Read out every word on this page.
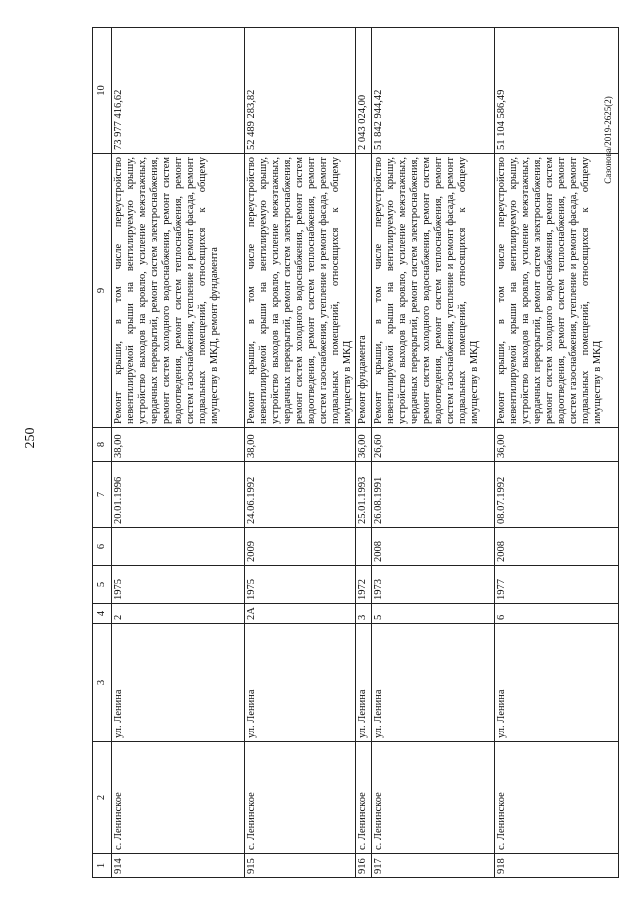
250
Сазонова/2019-2625(2)
1	2	3	4	5	6	7	8	9	10
914	с. Ленинское	ул. Ленина	2	1975		20.01.1996	38,00	Ремонт крыши, в том числе переустройство невентилируемой крыши на вентилируемую крышу, устройство выходов на кровлю, усиление межэтажных, чердачных перекрытий, ремонт систем электроснабжения, ремонт систем холодного водоснабжения, ремонт систем водоотведения, ремонт систем теплоснабжения, ремонт систем газоснабжения, утепление и ремонт фасада, ремонт подвальных помещений, относящихся к общему имуществу в МКД, ремонт фундамента	73 977 416,62
915	с. Ленинское	ул. Ленина	2А	1975	2009	24.06.1992	38,00	Ремонт крыши, в том числе переустройство невентилируемой крыши на вентилируемую крышу, устройство выходов на кровлю, усиление межэтажных, чердачных перекрытий, ремонт систем электроснабжения, ремонт систем холодного водоснабжения, ремонт систем водоотведения, ремонт систем теплоснабжения, ремонт систем газоснабжения, утепление и ремонт фасада, ремонт подвальных помещений, относящихся к общему имуществу в МКД	52 489 283,82
916	с. Ленинское	ул. Ленина	3	1972		25.01.1993	36,00	Ремонт фундамента	2 043 024,00
917	с. Ленинское	ул. Ленина	5	1973	2008	26.08.1991	26,60	Ремонт крыши, в том числе переустройство невентилируемой крыши на вентилируемую крышу, устройство выходов на кровлю, усиление межэтажных, чердачных перекрытий, ремонт систем электроснабжения, ремонт систем холодного водоснабжения, ремонт систем водоотведения, ремонт систем теплоснабжения, ремонт систем газоснабжения, утепление и ремонт фасада, ремонт подвальных помещений, относящихся к общему имуществу в МКД	51 842 944,42
918	с. Ленинское	ул. Ленина	6	1977	2008	08.07.1992	36,00	Ремонт крыши, в том числе переустройство невентилируемой крыши на вентилируемую крышу, устройство выходов на кровлю, усиление межэтажных, чердачных перекрытий, ремонт систем электроснабжения, ремонт систем холодного водоснабжения, ремонт систем водоотведения, ремонт систем теплоснабжения, ремонт систем газоснабжения, утепление и ремонт фасада, ремонт подвальных помещений, относящихся к общему имуществу в МКД	51 104 586,49
